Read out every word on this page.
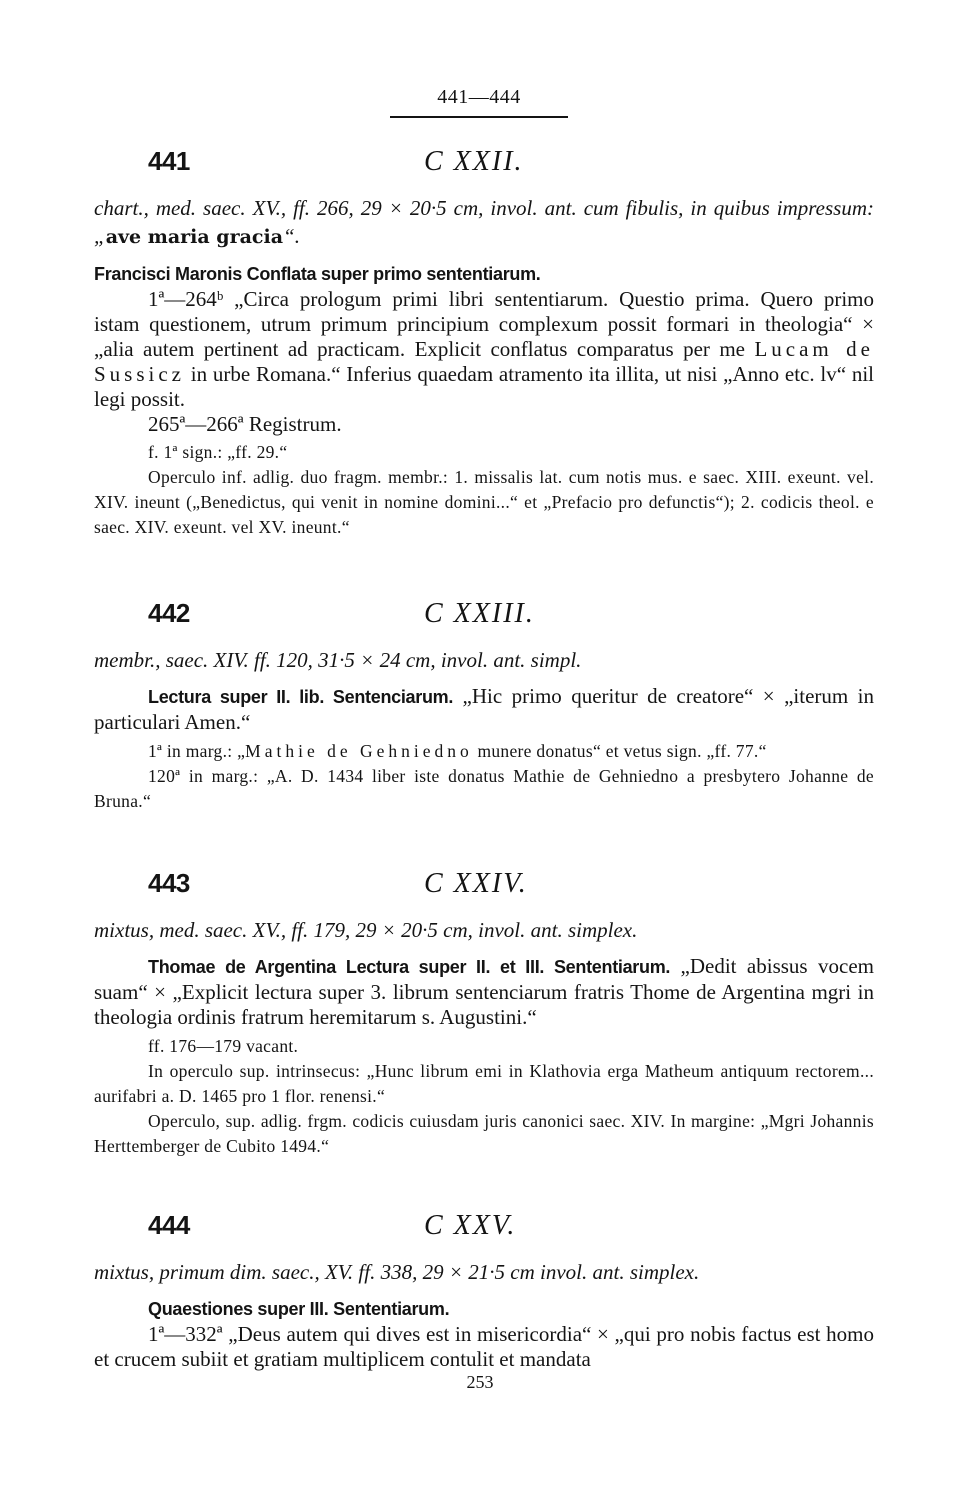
441—444
441	C XXII.
chart., med. saec. XV., ff. 266, 29 × 20·5 cm, invol. ant. cum fibulis, in quibus impressum: „ave maria gracia“.

Francisci Maronis Conflata super primo sententiarum.

1ª—264ᵇ „Circa prologum primi libri sententiarum. Questio prima. Quero primo istam questionem, utrum primum principium complexum possit formari in theologia“ × „alia autem pertinent ad practicam. Explicit conflatus comparatus per me Lucam de Sussicz in urbe Romana.“ Inferius quaedam atramento ita illita, ut nisi „Anno etc. lv“ nil legi possit.

265ª—266ª Registrum.

f. 1ª sign.: „ff. 29.“

Operculo inf. adlig. duo fragm. membr.: 1. missalis lat. cum notis mus. e saec. XIII. exeunt. vel. XIV. ineunt („Benedictus, qui venit in nomine domini...“ et „Prefacio pro defunctis“); 2. codicis theol. e saec. XIV. exeunt. vel XV. ineunt.“

442	C XXIII.
membr., saec. XIV. ff. 120, 31·5 × 24 cm, invol. ant. simpl.

Lectura super II. lib. Sentenciarum. „Hic primo queritur de creatore“ × „iterum in particulari Amen.“

1ª in marg.: „Mathie de Gehniedno munere donatus“ et vetus sign. „ff. 77.“

120ª in marg.: „A. D. 1434 liber iste donatus Mathie de Gehniedno a presbytero Johanne de Bruna.“

443	C XXIV.
mixtus, med. saec. XV., ff. 179, 29 × 20·5 cm, invol. ant. simplex.

Thomae de Argentina Lectura super II. et III. Sententiarum. „Dedit abissus vocem suam“ × „Explicit lectura super 3. librum sentenciarum fratris Thome de Argentina mgri in theologia ordinis fratrum heremitarum s. Augustini.“

ff. 176—179 vacant.

In operculo sup. intrinsecus: „Hunc librum emi in Klathovia erga Matheum antiquum rectorem... aurifabri a. D. 1465 pro 1 flor. renensi.“

Operculo, sup. adlig. frgm. codicis cuiusdam juris canonici saec. XIV. In margine: „Mgri Johannis Herttemberger de Cubito 1494.“

444	C XXV.
mixtus, primum dim. saec., XV. ff. 338, 29 × 21·5 cm invol. ant. simplex.

Quaestiones super III. Sententiarum.

1ª—332ª „Deus autem qui dives est in misericordia“ × „qui pro nobis factus est homo et crucem subiit et gratiam multiplicem contulit et mandata

253
